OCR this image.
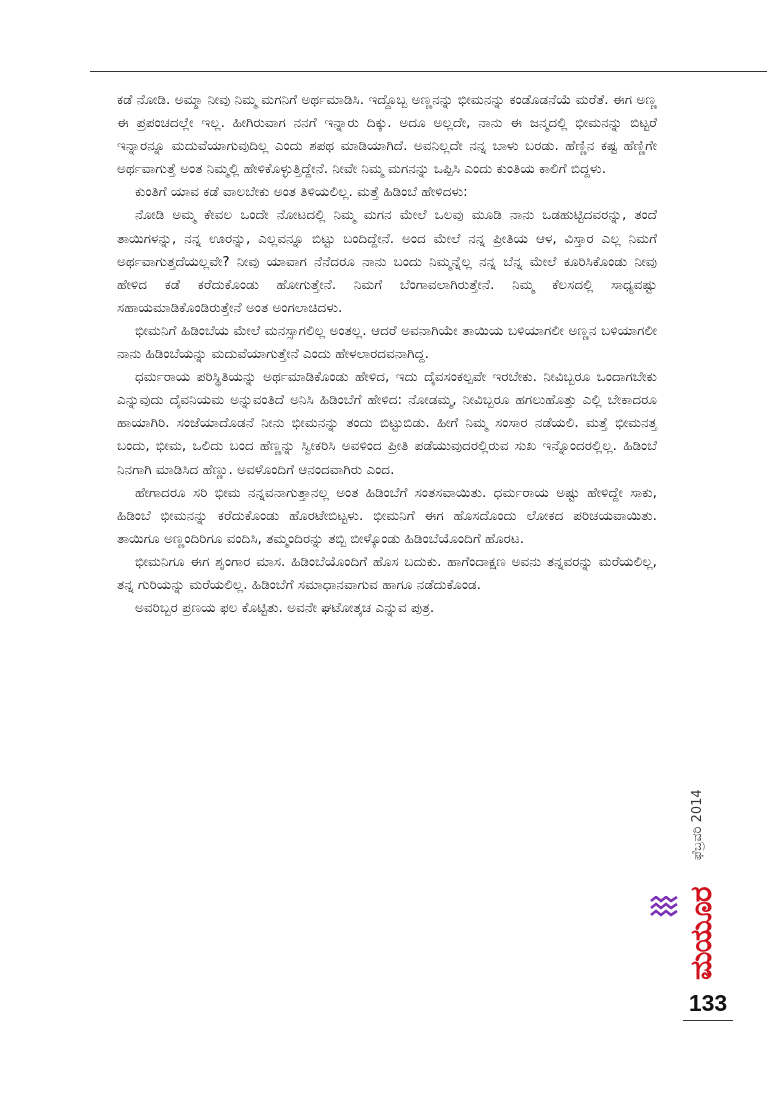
ಕಡೆ ನೋಡಿ. ಅಮ್ಮಾ ನೀವು ನಿಮ್ಮ ಮಗನಿಗೆ ಅರ್ಥಮಾಡಿಸಿ. ಇದ್ದೊಬ್ಬ ಅಣ್ಣನನ್ನು ಭೀಮನನ್ನು ಕಂಡೊಡನೆಯೆ ಮರೆತೆ. ಈಗ ಅಣ್ಣ ಈ ಪ್ರಪಂಚದಲ್ಲೇ ಇಲ್ಲ. ಹೀಗಿರುವಾಗ ನನಗೆ ಇನ್ನಾರು ದಿಕ್ಕು. ಅದೂ ಅಲ್ಲದೇ, ನಾನು ಈ ಜನ್ಮದಲ್ಲಿ ಭೀಮನನ್ನು ಬಿಟ್ಟರೆ ಇನ್ನಾರನ್ನೂ ಮದುವೆಯಾಗುವುದಿಲ್ಲ ಎಂದು ಶಪಥ ಮಾಡಿಯಾಗಿದೆ. ಅವನಿಲ್ಲದೇ ನನ್ನ ಬಾಳು ಬರಡು. ಹೆಣ್ಣಿನ ಕಷ್ಟ ಹೆಣ್ಣಿಗೇ ಅರ್ಥವಾಗುತ್ತೆ ಅಂತ ನಿಮ್ಮಲ್ಲಿ ಹೇಳಿಕೊಳ್ಳುತ್ತಿದ್ದೇನೆ. ನೀವೇ ನಿಮ್ಮ ಮಗನನ್ನು ಒಪ್ಪಿಸಿ ಎಂದು ಕುಂತಿಯ ಕಾಲಿಗೆ ಬಿದ್ದಳು.

ಕುಂತಿಗೆ ಯಾವ ಕಡೆ ವಾಲಬೇಕು ಅಂತ ತಿಳಿಯಲಿಲ್ಲ. ಮತ್ತೆ ಹಿಡಿಂಬೆ ಹೇಳಿದಳು:

ನೋಡಿ ಅಮ್ಮ ಕೇವಲ ಒಂದೇ ನೋಟದಲ್ಲಿ ನಿಮ್ಮ ಮಗನ ಮೇಲೆ ಒಲವು ಮೂಡಿ ನಾನು ಒಡಹುಟ್ಟಿದವರನ್ನು, ತಂದೆ ತಾಯಿಗಳನ್ನು, ನನ್ನ ಊರನ್ನು, ಎಲ್ಲವನ್ನೂ ಬಿಟ್ಟು ಬಂದಿದ್ದೇನೆ. ಅಂದ ಮೇಲೆ ನನ್ನ ಪ್ರೀತಿಯ ಆಳ, ವಿಸ್ತಾರ ಎಲ್ಲ ನಿಮಗೆ ಅರ್ಥವಾಗುತ್ತದೆಯಲ್ಲವೇ? ನೀವು ಯಾವಾಗ ನೆನೆದರೂ ನಾನು ಬಂದು ನಿಮ್ಮನ್ನೆಲ್ಲ ನನ್ನ ಬೆನ್ನ ಮೇಲೆ ಕೂರಿಸಿಕೊಂಡು ನೀವು ಹೇಳಿದ ಕಡೆ ಕರೆದುಕೊಂಡು ಹೋಗುತ್ತೇನೆ. ನಿಮಗೆ ಬೆಂಗಾವಲಾಗಿರುತ್ತೇನೆ. ನಿಮ್ಮ ಕೆಲಸದಲ್ಲಿ ಸಾಧ್ಯವಷ್ಟು ಸಹಾಯಮಾಡಿಕೊಂಡಿರುತ್ತೇನೆ ಅಂತ ಅಂಗಲಾಚಿದಳು.

ಭೀಮನಿಗೆ ಹಿಡಿಂಬೆಯ ಮೇಲೆ ಮನಸ್ಸಾಗಲಿಲ್ಲ ಅಂತಲ್ಲ. ಆದರೆ ಅವನಾಗಿಯೇ ತಾಯಿಯ ಬಳಿಯಾಗಲೀ ಅಣ್ಣನ ಬಳಿಯಾಗಲೀ ನಾನು ಹಿಡಿಂಬೆಯನ್ನು ಮದುವೆಯಾಗುತ್ತೇನೆ ಎಂದು ಹೇಳಲಾರದವನಾಗಿದ್ದ.

ಧರ್ಮರಾಯ ಪರಿಸ್ಥಿತಿಯನ್ನು ಅರ್ಥಮಾಡಿಕೊಂಡು ಹೇಳಿದ, ಇದು ದೈವಸಂಕಲ್ಪವೇ ಇರಬೇಕು. ನೀವಿಬ್ಬರೂ ಒಂದಾಗಬೇಕು ಎನ್ನುವುದು ದೈವನಿಯಮ ಅನ್ನುವಂತಿದೆ ಅನಿಸಿ ಹಿಡಿಂಬೆಗೆ ಹೇಳಿದ: ನೋಡಮ್ಮ, ನೀವಿಬ್ಬರೂ ಹಗಲುಹೊತ್ತು ಎಲ್ಲಿ ಬೇಕಾದರೂ ಹಾಯಾಗಿರಿ. ಸಂಜೆಯಾದೊಡನೆ ನೀನು ಭೀಮನನ್ನು ತಂದು ಬಿಟ್ಟುಬಿಡು. ಹೀಗೆ ನಿಮ್ಮ ಸಂಸಾರ ನಡೆಯಲಿ. ಮತ್ತೆ ಭೀಮನತ್ತ ಬಂದು, ಭೀಮ, ಒಲಿದು ಬಂದ ಹೆಣ್ಣನ್ನು ಸ್ವೀಕರಿಸಿ ಅವಳಿಂದ ಪ್ರೀತಿ ಪಡೆಯುವುದರಲ್ಲಿರುವ ಸುಖ ಇನ್ನೊಂದರಲ್ಲಿಲ್ಲ. ಹಿಡಿಂಬೆ ನಿನಗಾಗಿ ಮಾಡಿಸಿದ ಹೆಣ್ಣು. ಅವಳೊಂದಿಗೆ ಆನಂದವಾಗಿರು ಎಂದ.

ಹೇಗಾದರೂ ಸರಿ ಭೀಮ ನನ್ನವನಾಗುತ್ತಾನಲ್ಲ ಅಂತ ಹಿಡಿಂಬೆಗೆ ಸಂತಸವಾಯಿತು. ಧರ್ಮರಾಯ ಅಷ್ಟು ಹೇಳಿದ್ದೇ ಸಾಕು, ಹಿಡಿಂಬೆ ಭೀಮನನ್ನು ಕರೆದುಕೊಂಡು ಹೊರಟೇಬಿಟ್ಟಳು. ಭೀಮನಿಗೆ ಈಗ ಹೊಸದೊಂದು ಲೋಕದ ಪರಿಚಯವಾಯಿತು. ತಾಯಿಗೂ ಅಣ್ಣಂದಿರಿಗೂ ವಂದಿಸಿ, ತಮ್ಮಂದಿರನ್ನು ತಬ್ಬಿ ಬೀಳ್ಕೊಂಡು ಹಿಡಿಂಬೆಯೊಂದಿಗೆ ಹೊರಟ.

ಭೀಮನಿಗೂ ಈಗ ಶೃಂಗಾರ ಮಾಸ. ಹಿಡಿಂಬೆಯೊಂದಿಗೆ ಹೊಸ ಬದುಕು. ಹಾಗೆಂದಾಕ್ಷಣ ಅವನು ತನ್ನವರನ್ನು ಮರೆಯಲಿಲ್ಲ, ತನ್ನ ಗುರಿಯನ್ನು ಮರೆಯಲಿಲ್ಲ. ಹಿಡಿಂಬೆಗೆ ಸಮಾಧಾನವಾಗುವ ಹಾಗೂ ನಡೆದುಕೊಂಡ.

ಅವರಿಬ್ಬರ ಪ್ರಣಯ ಫಲ ಕೊಟ್ಟಿತು. ಅವನೇ ಘಟೋತ್ಕಚ ಎನ್ನುವ ಪುತ್ರ.

ಫೆಬ್ರವರಿ 2014
ಮಯೂರ
133
